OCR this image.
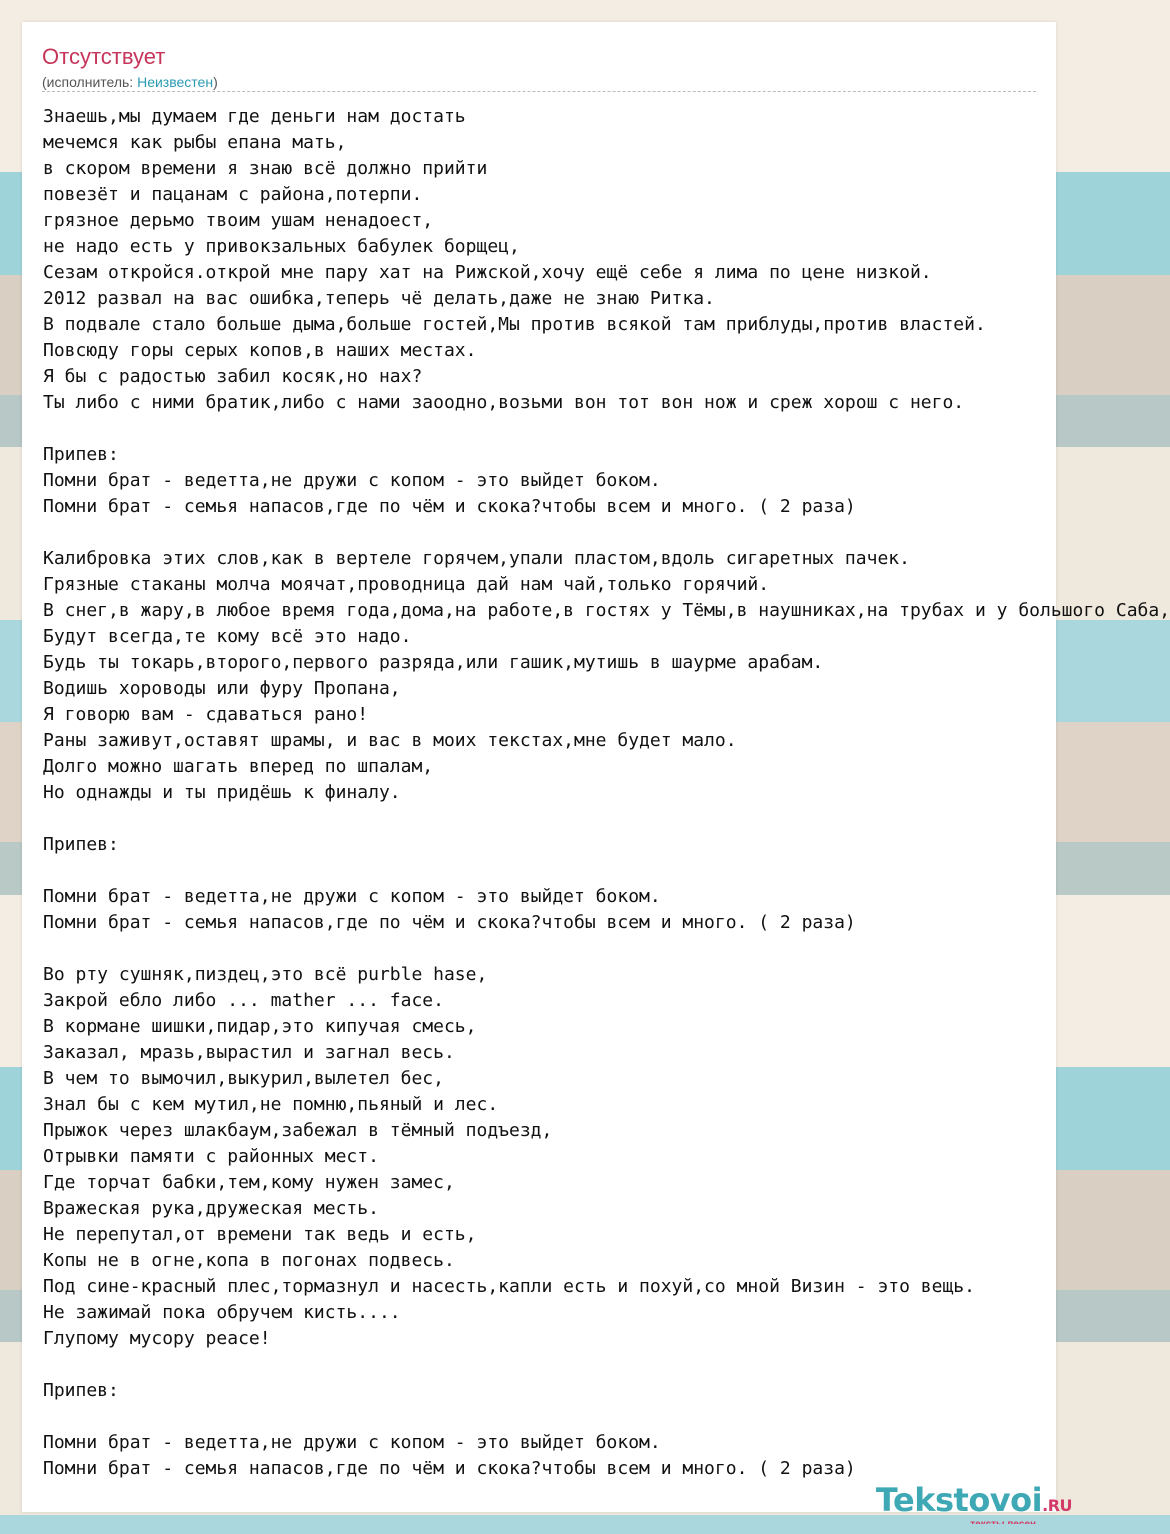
Отсутствует
(исполнитель: Неизвестен)
Знаешь,мы думаем где деньги нам достать
мечемся как рыбы епана мать,
в скором времени я знаю всё должно прийти
повезёт и пацанам с района,потерпи.
грязное дерьмо твоим ушам ненадоест,
не надо есть у привокзальных бабулек борщец,
Сезам откройся.открой мне пару хат на Рижской,хочу ещё себе я лима по цене низкой.
2012 развал на вас ошибка,теперь чё делать,даже не знаю Ритка.
В подвале стало больше дыма,больше гостей,Мы против всякой там приблуды,против властей.
Повсюду горы серых копов,в наших местах.
Я бы с радостью забил косяк,но нах?
Ты либо с ними братик,либо с нами заоодно,возьми вон тот вон нож и среж хорош с него.

Припев:
Помни брат - ведетта,не дружи с копом - это выйдет боком.
Помни брат - семья напасов,где по чём и скока?чтобы всем и много. ( 2 раза)

Калибровка этих слов,как в вертеле горячем,упали пластом,вдоль сигаретных пачек.
Грязные стаканы молча моячат,проводница дай нам чай,только горячий.
В снег,в жару,в любое время года,дома,на работе,в гостях у Тёмы,в наушниках,на трубах и у большого Саба,
Будут всегда,те кому всё это надо.
Будь ты токарь,второго,первого разряда,или гашик,мутишь в шаурме арабам.
Водишь хороводы или фуру Пропана,
Я говорю вам - сдаваться рано!
Раны заживут,оставят шрамы, и вас в моих текстах,мне будет мало.
Долго можно шагать вперед по шпалам,
Но однажды и ты придёшь к финалу.

Припев:

Помни брат - ведетта,не дружи с копом - это выйдет боком.
Помни брат - семья напасов,где по чём и скока?чтобы всем и много. ( 2 раза)

Во рту сушняк,пиздец,это всё purble hase,
Закрой ебло либо ... mather ... face.
В кормане шишки,пидар,это кипучая смесь,
Заказал, мразь,вырастил и загнал весь.
В чем то вымочил,выкурил,вылетел бес,
Знал бы с кем мутил,не помню,пьяный и лес.
Прыжок через шлакбаум,забежал в тёмный подъезд,
Отрывки памяти с районных мест.
Где торчат бабки,тем,кому нужен замес,
Вражеская рука,дружеская месть.
Не перепутал,от времени так ведь и есть,
Копы не в огне,копа в погонах подвесь.
Под сине-красный плес,тормазнул и насесть,капли есть и похуй,со мной Визин - это вещь.
Не зажимай пока обручем кисть....
Глупому мусору peace!

Припев:

Помни брат - ведетта,не дружи с копом - это выйдет боком.
Помни брат - семья напасов,где по чём и скока?чтобы всем и много. ( 2 раза)
Tekstovoi.RU
